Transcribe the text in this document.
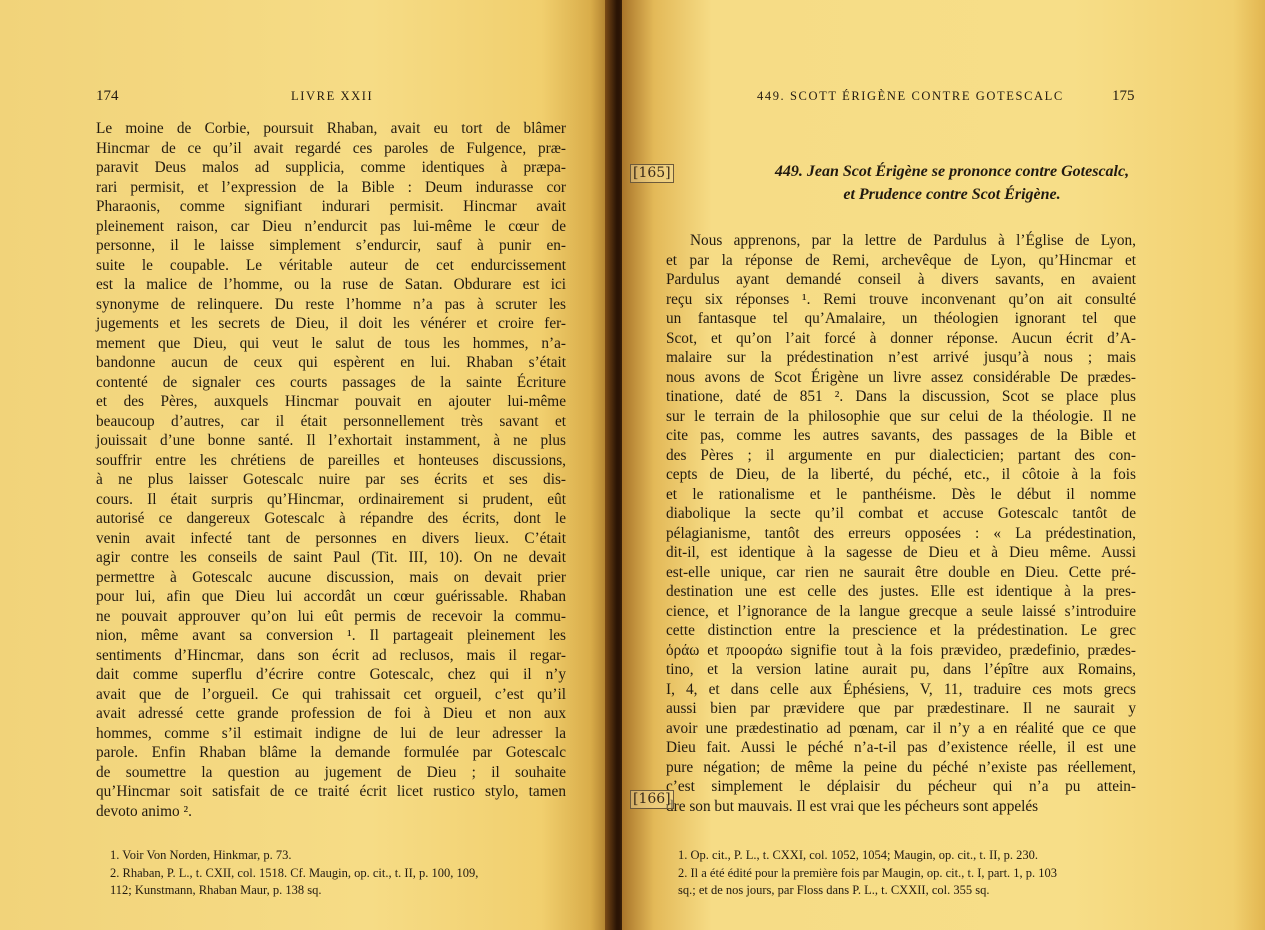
174	LIVRE XXII
Le moine de Corbie, poursuit Rhaban, avait eu tort de blâmer
Hincmar de ce qu’il avait regardé ces paroles de Fulgence, præ-
paravit Deus malos ad supplicia, comme identiques à præpa-
rari permisit, et l’expression de la Bible : Deum indurasse cor
Pharaonis, comme signifiant indurari permisit. Hincmar avait
pleinement raison, car Dieu n’endurcit pas lui-même le cœur de
personne, il le laisse simplement s’endurcir, sauf à punir en-
suite le coupable. Le véritable auteur de cet endurcissement
est la malice de l’homme, ou la ruse de Satan. Obdurare est ici
synonyme de relinquere. Du reste l’homme n’a pas à scruter les
jugements et les secrets de Dieu, il doit les vénérer et croire fer-
mement que Dieu, qui veut le salut de tous les hommes, n’a-
bandonne aucun de ceux qui espèrent en lui. Rhaban s’était
contenté de signaler ces courts passages de la sainte Écriture
et des Pères, auxquels Hincmar pouvait en ajouter lui-même
beaucoup d’autres, car il était personnellement très savant et
jouissait d’une bonne santé. Il l’exhortait instamment, à ne plus
souffrir entre les chrétiens de pareilles et honteuses discussions,
à ne plus laisser Gotescalc nuire par ses écrits et ses dis-
cours. Il était surpris qu’Hincmar, ordinairement si prudent, eût
autorisé ce dangereux Gotescalc à répandre des écrits, dont le
venin avait infecté tant de personnes en divers lieux. C’était
agir contre les conseils de saint Paul (Tit. III, 10). On ne devait
permettre à Gotescalc aucune discussion, mais on devait prier
pour lui, afin que Dieu lui accordât un cœur guérissable. Rhaban
ne pouvait approuver qu’on lui eût permis de recevoir la commu-
nion, même avant sa conversion ¹. Il partageait pleinement les
sentiments d’Hincmar, dans son écrit ad reclusos, mais il regar-
dait comme superflu d’écrire contre Gotescalc, chez qui il n’y
avait que de l’orgueil. Ce qui trahissait cet orgueil, c’est qu’il
avait adressé cette grande profession de foi à Dieu et non aux
hommes, comme s’il estimait indigne de lui de leur adresser la
parole. Enfin Rhaban blâme la demande formulée par Gotescalc
de soumettre la question au jugement de Dieu ; il souhaite
qu’Hincmar soit satisfait de ce traité écrit licet rustico stylo, tamen
devoto animo ².
1. Voir Von Norden, Hinkmar, p. 73.
2. Rhaban, P. L., t. CXII, col. 1518. Cf. Maugin, op. cit., t. II, p. 100, 109,
112; Kunstmann, Rhaban Maur, p. 138 sq.
449. SCOTT ÉRIGÈNE CONTRE GOTESCALC	175
[165]	449. Jean Scot Érigène se prononce contre Gotescalc,
et Prudence contre Scot Érigène.
Nous apprenons, par la lettre de Pardulus à l’Église de Lyon,
et par la réponse de Remi, archevêque de Lyon, qu’Hincmar et
Pardulus ayant demandé conseil à divers savants, en avaient
reçu six réponses ¹. Remi trouve inconvenant qu’on ait consulté
un fantasque tel qu’Amalaire, un théologien ignorant tel que
Scot, et qu’on l’ait forcé à donner réponse. Aucun écrit d’A-
malaire sur la prédestination n’est arrivé jusqu’à nous ; mais
nous avons de Scot Érigène un livre assez considérable De prædes-
tinatione, daté de 851 ². Dans la discussion, Scot se place plus
sur le terrain de la philosophie que sur celui de la théologie. Il ne
cite pas, comme les autres savants, des passages de la Bible et
des Pères ; il argumente en pur dialecticien; partant des con-
cepts de Dieu, de la liberté, du péché, etc., il côtoie à la fois
et le rationalisme et le panthéisme. Dès le début il nomme
diabolique la secte qu’il combat et accuse Gotescalc tantôt de
pélagianisme, tantôt des erreurs opposées : « La prédestination,
dit-il, est identique à la sagesse de Dieu et à Dieu même. Aussi
est-elle unique, car rien ne saurait être double en Dieu. Cette pré-
destination une est celle des justes. Elle est identique à la pres-
cience, et l’ignorance de la langue grecque a seule laissé s’introduire
cette distinction entre la prescience et la prédestination. Le grec
ὁράω et προοράω signifie tout à la fois prævideo, prædefinio, prædes-
tino, et la version latine aurait pu, dans l’épître aux Romains,
I, 4, et dans celle aux Éphésiens, V, 11, traduire ces mots grecs
aussi bien par prævidere que par prædestinare. Il ne saurait y
avoir une prædestinatio ad pœnam, car il n’y a en réalité que ce que
Dieu fait. Aussi le péché n’a-t-il pas d’existence réelle, il est une
pure négation; de même la peine du péché n’existe pas réellement,
c’est simplement le déplaisir du pécheur qui n’a pu attein-
dre son but mauvais. Il est vrai que les pécheurs sont appelés
[166]
1. Op. cit., P. L., t. CXXI, col. 1052, 1054; Maugin, op. cit., t. II, p. 230.
2. Il a été édité pour la première fois par Maugin, op. cit., t. I, part. 1, p. 103
sq.; et de nos jours, par Floss dans P. L., t. CXXII, col. 355 sq.
